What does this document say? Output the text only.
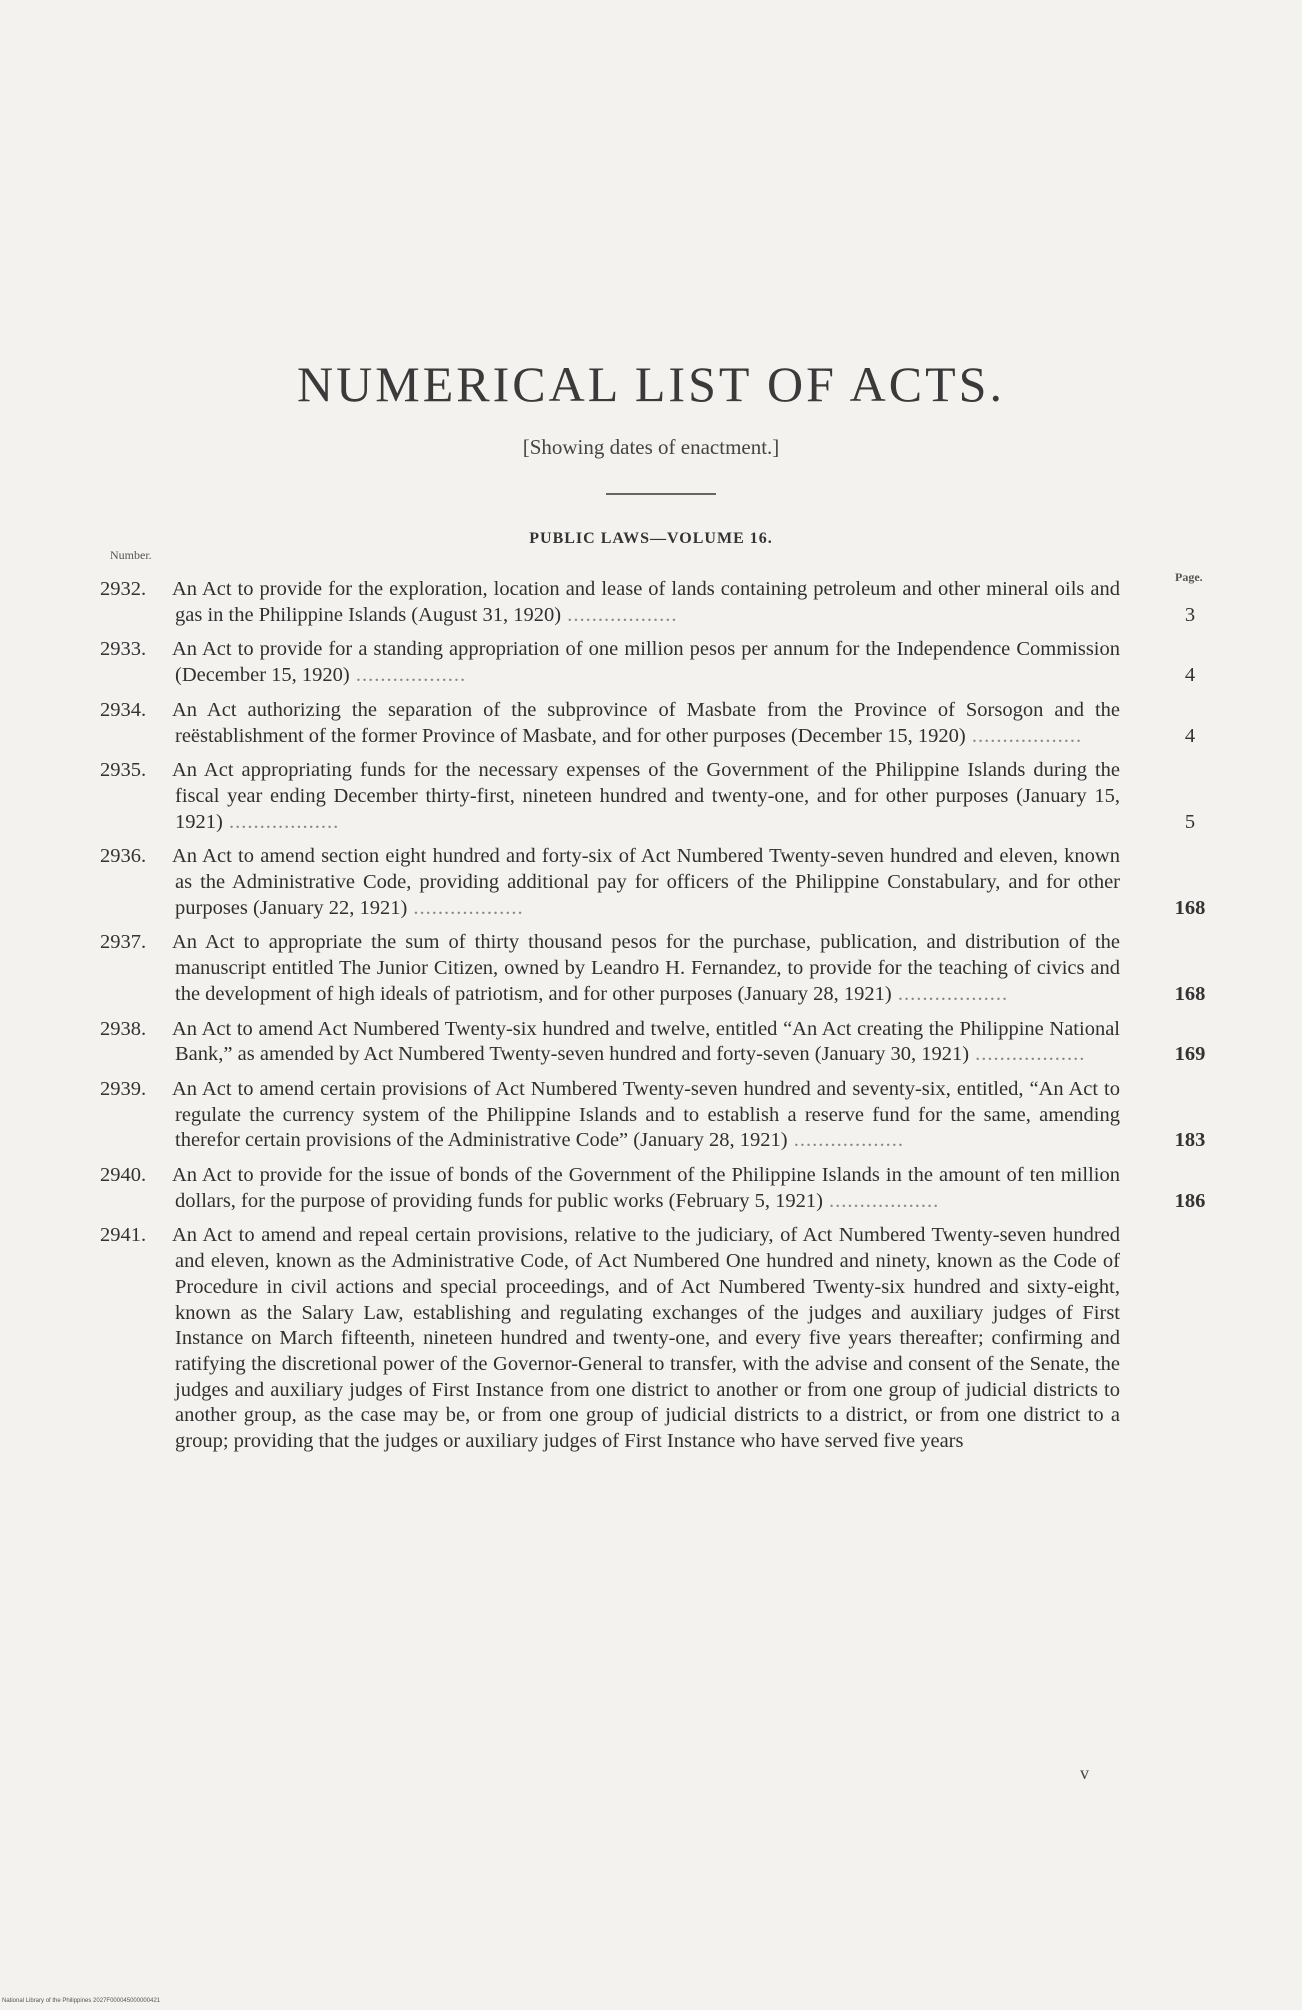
NUMERICAL LIST OF ACTS.
[Showing dates of enactment.]
PUBLIC LAWS—VOLUME 16.
Number.
Page.
2932. An Act to provide for the exploration, location and lease of lands containing petroleum and other mineral oils and gas in the Philippine Islands (August 31, 1920) ..................	3
2933. An Act to provide for a standing appropriation of one million pesos per annum for the Independence Commission (December 15, 1920) ..................	4
2934. An Act authorizing the separation of the subprovince of Masbate from the Province of Sorsogon and the reëstablishment of the former Province of Masbate, and for other purposes (December 15, 1920) ..................	4
2935. An Act appropriating funds for the necessary expenses of the Government of the Philippine Islands during the fiscal year ending December thirty-first, nineteen hundred and twenty-one, and for other purposes (January 15, 1921) ..................	5
2936. An Act to amend section eight hundred and forty-six of Act Numbered Twenty-seven hundred and eleven, known as the Administrative Code, providing additional pay for officers of the Philippine Constabulary, and for other purposes (January 22, 1921) ..................	168
2937. An Act to appropriate the sum of thirty thousand pesos for the purchase, publication, and distribution of the manuscript entitled The Junior Citizen, owned by Leandro H. Fernandez, to provide for the teaching of civics and the development of high ideals of patriotism, and for other purposes (January 28, 1921) ..................	168
2938. An Act to amend Act Numbered Twenty-six hundred and twelve, entitled “An Act creating the Philippine National Bank,” as amended by Act Numbered Twenty-seven hundred and forty-seven (January 30, 1921) ..................	169
2939. An Act to amend certain provisions of Act Numbered Twenty-seven hundred and seventy-six, entitled, “An Act to regulate the currency system of the Philippine Islands and to establish a reserve fund for the same, amending therefor certain provisions of the Administrative Code” (January 28, 1921) ..................	183
2940. An Act to provide for the issue of bonds of the Government of the Philippine Islands in the amount of ten million dollars, for the purpose of providing funds for public works (February 5, 1921) ..................	186
2941. An Act to amend and repeal certain provisions, relative to the judiciary, of Act Numbered Twenty-seven hundred and eleven, known as the Administrative Code, of Act Numbered One hundred and ninety, known as the Code of Procedure in civil actions and special proceedings, and of Act Numbered Twenty-six hundred and sixty-eight, known as the Salary Law, establishing and regulating exchanges of the judges and auxiliary judges of First Instance on March fifteenth, nineteen hundred and twenty-one, and every five years thereafter; confirming and ratifying the discretional power of the Governor-General to transfer, with the advise and consent of the Senate, the judges and auxiliary judges of First Instance from one district to another or from one group of judicial districts to another group, as the case may be, or from one group of judicial districts to a district, or from one district to a group; providing that the judges or auxiliary judges of First Instance who have served five years
v
National Library of the Philippines 2027F000045000000421
